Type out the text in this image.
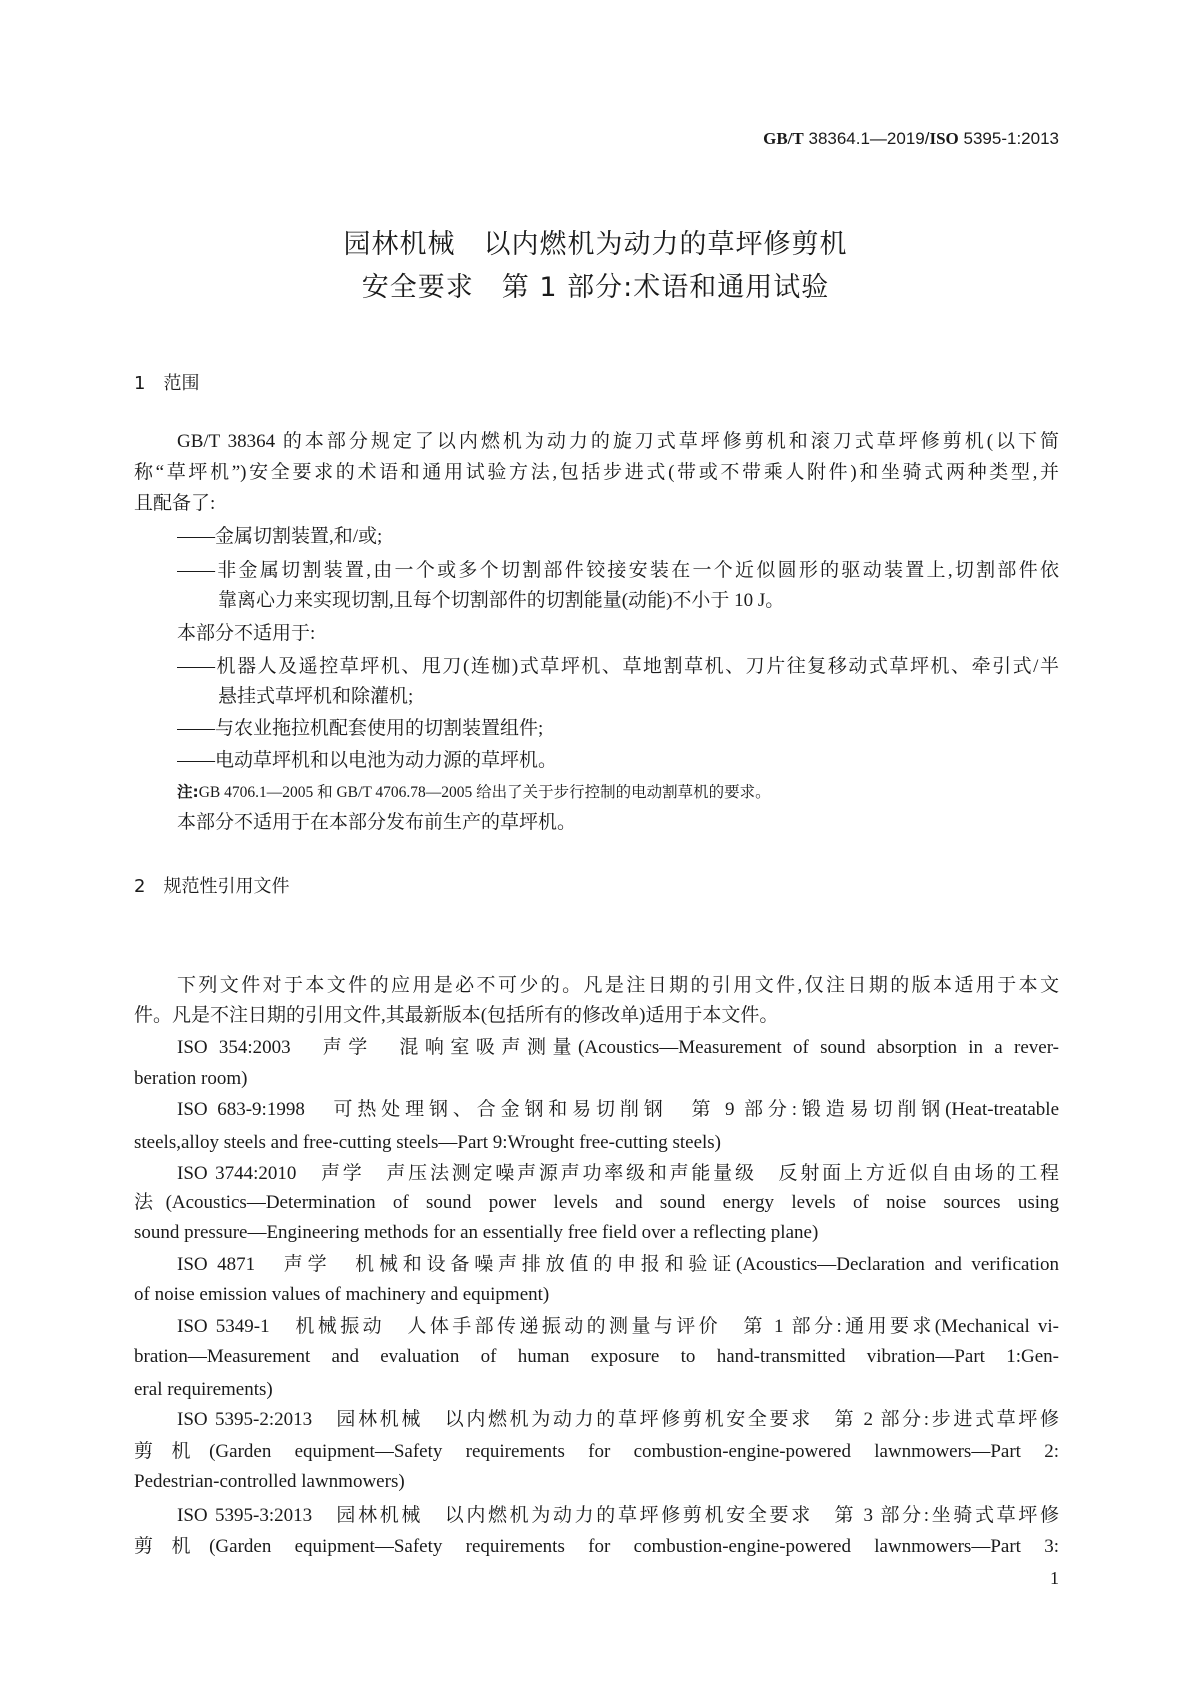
GB/T 38364.1—2019/ISO 5395-1:2013
园林机械　以内燃机为动力的草坪修剪机
安全要求　第 1 部分:术语和通用试验
1 范围
GB/T 38364 的本部分规定了以内燃机为动力的旋刀式草坪修剪机和滚刀式草坪修剪机(以下简
称“草坪机”)安全要求的术语和通用试验方法,包括步进式(带或不带乘人附件)和坐骑式两种类型,并
且配备了:
——金属切割装置,和/或;
——非金属切割装置,由一个或多个切割部件铰接安装在一个近似圆形的驱动装置上,切割部件依
靠离心力来实现切割,且每个切割部件的切割能量(动能)不小于 10 J。
本部分不适用于:
——机器人及遥控草坪机、甩刀(连枷)式草坪机、草地割草机、刀片往复移动式草坪机、牵引式/半
悬挂式草坪机和除灌机;
——与农业拖拉机配套使用的切割装置组件;
——电动草坪机和以电池为动力源的草坪机。
注:GB 4706.1—2005 和 GB/T 4706.78—2005 给出了关于步行控制的电动割草机的要求。
本部分不适用于在本部分发布前生产的草坪机。
2 规范性引用文件
下列文件对于本文件的应用是必不可少的。凡是注日期的引用文件,仅注日期的版本适用于本文
件。凡是不注日期的引用文件,其最新版本(包括所有的修改单)适用于本文件。
ISO 354:2003　声学　混响室吸声测量(Acoustics—Measurement of sound absorption in a rever-
beration room)
ISO 683-9:1998　可热处理钢、合金钢和易切削钢　第 9 部分:锻造易切削钢(Heat-treatable
steels,alloy steels and free-cutting steels—Part 9:Wrought free-cutting steels)
ISO 3744:2010　声学　声压法测定噪声源声功率级和声能量级　反射面上方近似自由场的工程
法(Acoustics—Determination of sound power levels and sound energy levels of noise sources using
sound pressure—Engineering methods for an essentially free field over a reflecting plane)
ISO 4871　声学　机械和设备噪声排放值的申报和验证(Acoustics—Declaration and verification
of noise emission values of machinery and equipment)
ISO 5349-1　机械振动　人体手部传递振动的测量与评价　第 1 部分:通用要求(Mechanical vi-
bration—Measurement and evaluation of human exposure to hand-transmitted vibration—Part 1:Gen-
eral requirements)
ISO 5395-2:2013　园林机械　以内燃机为动力的草坪修剪机安全要求　第 2 部分:步进式草坪修
剪机(Garden equipment—Safety requirements for combustion-engine-powered lawnmowers—Part 2:
Pedestrian-controlled lawnmowers)
ISO 5395-3:2013　园林机械　以内燃机为动力的草坪修剪机安全要求　第 3 部分:坐骑式草坪修
剪机(Garden equipment—Safety requirements for combustion-engine-powered lawnmowers—Part 3:
1
